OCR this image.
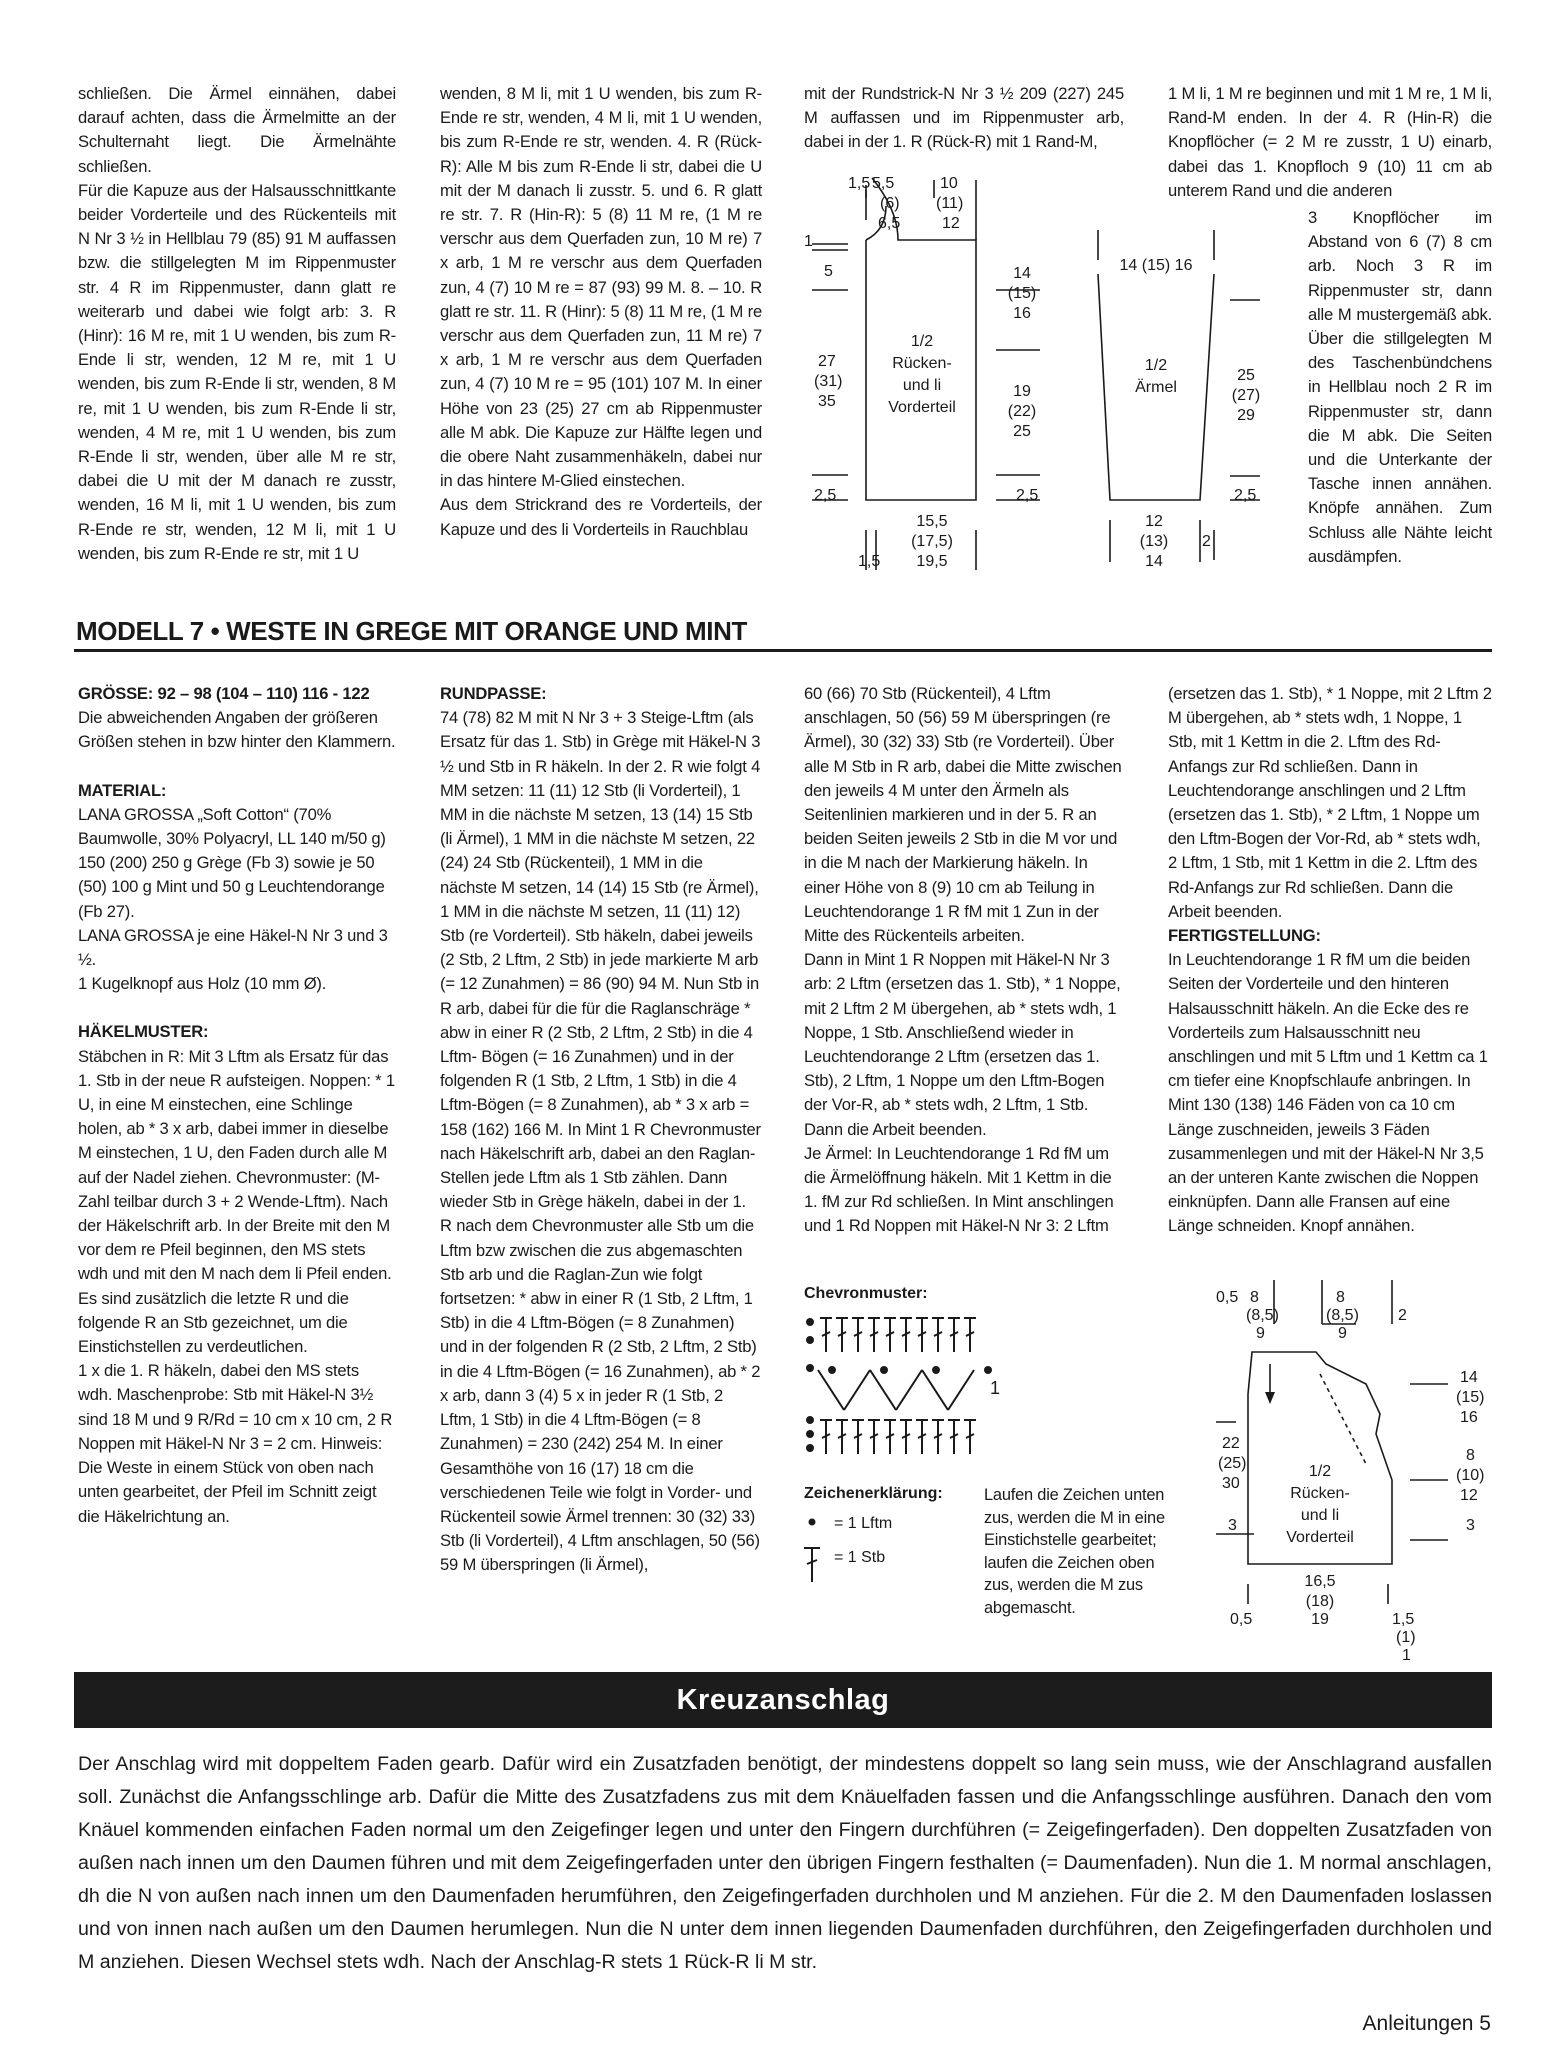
schließen. Die Ärmel einnähen, dabei darauf achten, dass die Ärmelmitte an der Schulternaht liegt. Die Ärmelnähte schließen.

Für die Kapuze aus der Halsausschnittkante beider Vorderteile und des Rückenteils mit N Nr 3 ½ in Hellblau 79 (85) 91 M auffassen bzw. die stillgelegten M im Rippenmuster str. 4 R im Rippenmuster, dann glatt re weiterarb und dabei wie folgt arb: 3. R (Hinr): 16 M re, mit 1 U wenden, bis zum R-Ende li str, wenden, 12 M re, mit 1 U wenden, bis zum R-Ende li str, wenden, 8 M re, mit 1 U wenden, bis zum R-Ende li str, wenden, 4 M re, mit 1 U wenden, bis zum R-Ende li str, wenden, über alle M re str, dabei die U mit der M danach re zusstr, wenden, 16 M li, mit 1 U wenden, bis zum R-Ende re str, wenden, 12 M li, mit 1 U wenden, bis zum R-Ende re str, mit 1 U

wenden, 8 M li, mit 1 U wenden, bis zum R-Ende re str, wenden, 4 M li, mit 1 U wenden, bis zum R-Ende re str, wenden. 4. R (Rück-R): Alle M bis zum R-Ende li str, dabei die U mit der M danach li zusstr. 5. und 6. R glatt re str. 7. R (Hin-R): 5 (8) 11 M re, (1 M re verschr aus dem Querfaden zun, 10 M re) 7 x arb, 1 M re verschr aus dem Querfaden zun, 4 (7) 10 M re = 87 (93) 99 M. 8. – 10. R glatt re str. 11. R (Hinr): 5 (8) 11 M re, (1 M re verschr aus dem Querfaden zun, 11 M re) 7 x arb, 1 M re verschr aus dem Querfaden zun, 4 (7) 10 M re = 95 (101) 107 M. In einer Höhe von 23 (25) 27 cm ab Rippenmuster alle M abk. Die Kapuze zur Hälfte legen und die obere Naht zusammenhäkeln, dabei nur in das hintere M-Glied einstechen.

Aus dem Strickrand des re Vorderteils, der Kapuze und des li Vorderteils in Rauchblau

mit der Rundstrick-N Nr 3 ½ 209 (227) 245 M auffassen und im Rippenmuster arb, dabei in der 1. R (Rück-R) mit 1 Rand-M,

1 M li, 1 M re beginnen und mit 1 M re, 1 M li, Rand-M enden. In der 4. R (Hin-R) die Knopflöcher (= 2 M re zusstr, 1 U) einarb, dabei das 1. Knopfloch 9 (10) 11 cm ab unterem Rand und die anderen

3 Knopflöcher im Abstand von 6 (7) 8 cm arb. Noch 3 R im Rippenmuster str, dann alle M mustergemäß abk. Über die stillgelegten M des Taschenbündchens in Hellblau noch 2 R im Rippenmuster str, dann die M abk. Die Seiten und die Unterkante der Tasche innen annähen. Knöpfe annähen. Zum Schluss alle Nähte leicht ausdämpfen.

1,5 5,5
(6)
6,5
10
(11)
12
1
5
27
(31)
35
2,5
1/2
Rücken-
und li
Vorderteil
14
(15)
16
19
(22)
25
2,5
15,5
(17,5)
19,5
1,5
14 (15) 16
1/2
Ärmel
25
(27)
29
2,5
12
(13)
14
2
MODELL 7 • WESTE IN GREGE MIT ORANGE UND MINT

GRÖSSE: 92 – 98 (104 – 110) 116 - 122

Die abweichenden Angaben der größeren Größen stehen in bzw hinter den Klammern.

MATERIAL:

LANA GROSSA „Soft Cotton“ (70% Baumwolle, 30% Polyacryl, LL 140 m/50 g) 150 (200) 250 g Grège (Fb 3) sowie je 50 (50) 100 g Mint und 50 g Leuchtendorange (Fb 27).

LANA GROSSA je eine Häkel-N Nr 3 und 3 ½.

1 Kugelknopf aus Holz (10 mm Ø).

HÄKELMUSTER:

Stäbchen in R: Mit 3 Lftm als Ersatz für das 1. Stb in der neue R aufsteigen. Noppen: * 1 U, in eine M einstechen, eine Schlinge holen, ab * 3 x arb, dabei immer in dieselbe M einstechen, 1 U, den Faden durch alle M auf der Nadel ziehen. Chevronmuster: (M-Zahl teilbar durch 3 + 2 Wende-Lftm). Nach der Häkelschrift arb. In der Breite mit den M vor dem re Pfeil beginnen, den MS stets wdh und mit den M nach dem li Pfeil enden. Es sind zusätzlich die letzte R und die folgende R an Stb gezeichnet, um die Einstichstellen zu verdeutlichen.

1 x die 1. R häkeln, dabei den MS stets wdh. Maschenprobe: Stb mit Häkel-N 3½ sind 18 M und 9 R/Rd = 10 cm x 10 cm, 2 R Noppen mit Häkel-N Nr 3 = 2 cm. Hinweis: Die Weste in einem Stück von oben nach unten gearbeitet, der Pfeil im Schnitt zeigt die Häkelrichtung an.

RUNDPASSE:

74 (78) 82 M mit N Nr 3 + 3 Steige-Lftm (als Ersatz für das 1. Stb) in Grège mit Häkel-N 3 ½ und Stb in R häkeln. In der 2. R wie folgt 4 MM setzen: 11 (11) 12 Stb (li Vorderteil), 1 MM in die nächste M setzen, 13 (14) 15 Stb (li Ärmel), 1 MM in die nächste M setzen, 22 (24) 24 Stb (Rückenteil), 1 MM in die nächste M setzen, 14 (14) 15 Stb (re Ärmel), 1 MM in die nächste M setzen, 11 (11) 12) Stb (re Vorderteil). Stb häkeln, dabei jeweils (2 Stb, 2 Lftm, 2 Stb) in jede markierte M arb (= 12 Zunahmen) = 86 (90) 94 M. Nun Stb in R arb, dabei für die für die Raglanschräge * abw in einer R (2 Stb, 2 Lftm, 2 Stb) in die 4 Lftm- Bögen (= 16 Zunahmen) und in der folgenden R (1 Stb, 2 Lftm, 1 Stb) in die 4 Lftm-Bögen (= 8 Zunahmen), ab * 3 x arb = 158 (162) 166 M. In Mint 1 R Chevronmuster nach Häkelschrift arb, dabei an den Raglan-Stellen jede Lftm als 1 Stb zählen. Dann wieder Stb in Grège häkeln, dabei in der 1. R nach dem Chevronmuster alle Stb um die Lftm bzw zwischen die zus abgemaschten Stb arb und die Raglan-Zun wie folgt fortsetzen: * abw in einer R (1 Stb, 2 Lftm, 1 Stb) in die 4 Lftm-Bögen (= 8 Zunahmen) und in der folgenden R (2 Stb, 2 Lftm, 2 Stb) in die 4 Lftm-Bögen (= 16 Zunahmen), ab * 2 x arb, dann 3 (4) 5 x in jeder R (1 Stb, 2 Lftm, 1 Stb) in die 4 Lftm-Bögen (= 8 Zunahmen) = 230 (242) 254 M. In einer Gesamthöhe von 16 (17) 18 cm die verschiedenen Teile wie folgt in Vorder- und Rückenteil sowie Ärmel trennen: 30 (32) 33) Stb (li Vorderteil), 4 Lftm anschlagen, 50 (56) 59 M überspringen (li Ärmel),

60 (66) 70 Stb (Rückenteil), 4 Lftm anschlagen, 50 (56) 59 M überspringen (re Ärmel), 30 (32) 33) Stb (re Vorderteil). Über alle M Stb in R arb, dabei die Mitte zwischen den jeweils 4 M unter den Ärmeln als Seitenlinien markieren und in der 5. R an beiden Seiten jeweils 2 Stb in die M vor und in die M nach der Markierung häkeln. In einer Höhe von 8 (9) 10 cm ab Teilung in Leuchtendorange 1 R fM mit 1 Zun in der Mitte des Rückenteils arbeiten.

Dann in Mint 1 R Noppen mit Häkel-N Nr 3 arb: 2 Lftm (ersetzen das 1. Stb), * 1 Noppe, mit 2 Lftm 2 M übergehen, ab * stets wdh, 1 Noppe, 1 Stb. Anschließend wieder in Leuchtendorange 2 Lftm (ersetzen das 1. Stb), 2 Lftm, 1 Noppe um den Lftm-Bogen der Vor-R, ab * stets wdh, 2 Lftm, 1 Stb. Dann die Arbeit beenden.

Je Ärmel: In Leuchtendorange 1 Rd fM um die Ärmelöffnung häkeln. Mit 1 Kettm in die 1. fM zur Rd schließen. In Mint anschlingen und 1 Rd Noppen mit Häkel-N Nr 3: 2 Lftm

(ersetzen das 1. Stb), * 1 Noppe, mit 2 Lftm 2 M übergehen, ab * stets wdh, 1 Noppe, 1 Stb, mit 1 Kettm in die 2. Lftm des Rd-Anfangs zur Rd schließen. Dann in Leuchtendorange anschlingen und 2 Lftm (ersetzen das 1. Stb), * 2 Lftm, 1 Noppe um den Lftm-Bogen der Vor-Rd, ab * stets wdh, 2 Lftm, 1 Stb, mit 1 Kettm in die 2. Lftm des Rd-Anfangs zur Rd schließen. Dann die Arbeit beenden.

FERTIGSTELLUNG:

In Leuchtendorange 1 R fM um die beiden Seiten der Vorderteile und den hinteren Halsausschnitt häkeln. An die Ecke des re Vorderteils zum Halsausschnitt neu anschlingen und mit 5 Lftm und 1 Kettm ca 1 cm tiefer eine Knopfschlaufe anbringen. In Mint 130 (138) 146 Fäden von ca 10 cm Länge zuschneiden, jeweils 3 Fäden zusammenlegen und mit der Häkel-N Nr 3,5 an der unteren Kante zwischen die Noppen einknüpfen. Dann alle Fransen auf eine Länge schneiden. Knopf annähen.

Chevronmuster:
1
Zeichenerklärung:
= 1 Lftm
= 1 Stb

Laufen die Zeichen unten zus, werden die M in eine Einstichstelle gearbeitet; laufen die Zeichen oben zus, werden die M zus abgemascht.

0,5 8
(8,5)
9
8
(8,5)
9
2
22
(25)
30
3
1/2
Rücken-
und li
Vorderteil
14
(15)
16
8
(10)
12
3
16,5
(18)
0,5	19	1,5
(1)
1
Kreuzanschlag
Der Anschlag wird mit doppeltem Faden gearb. Dafür wird ein Zusatzfaden benötigt, der mindestens doppelt so lang sein muss, wie der Anschlagrand ausfallen soll. Zunächst die Anfangsschlinge arb. Dafür die Mitte des Zusatzfadens zus mit dem Knäuelfaden fassen und die Anfangsschlinge ausführen. Danach den vom Knäuel kommenden einfachen Faden normal um den Zeigefinger legen und unter den Fingern durchführen (= Zeigefingerfaden). Den doppelten Zusatzfaden von außen nach innen um den Daumen führen und mit dem Zeigefingerfaden unter den übrigen Fingern festhalten (= Daumenfaden). Nun die 1. M normal anschlagen, dh die N von außen nach innen um den Daumenfaden herumführen, den Zeigefingerfaden durchholen und M anziehen. Für die 2. M den Daumenfaden loslassen und von innen nach außen um den Daumen herumlegen. Nun die N unter dem innen liegenden Daumenfaden durchführen, den Zeigefingerfaden durchholen und M anziehen. Diesen Wechsel stets wdh. Nach der Anschlag-R stets 1 Rück-R li M str.
Anleitungen 5
